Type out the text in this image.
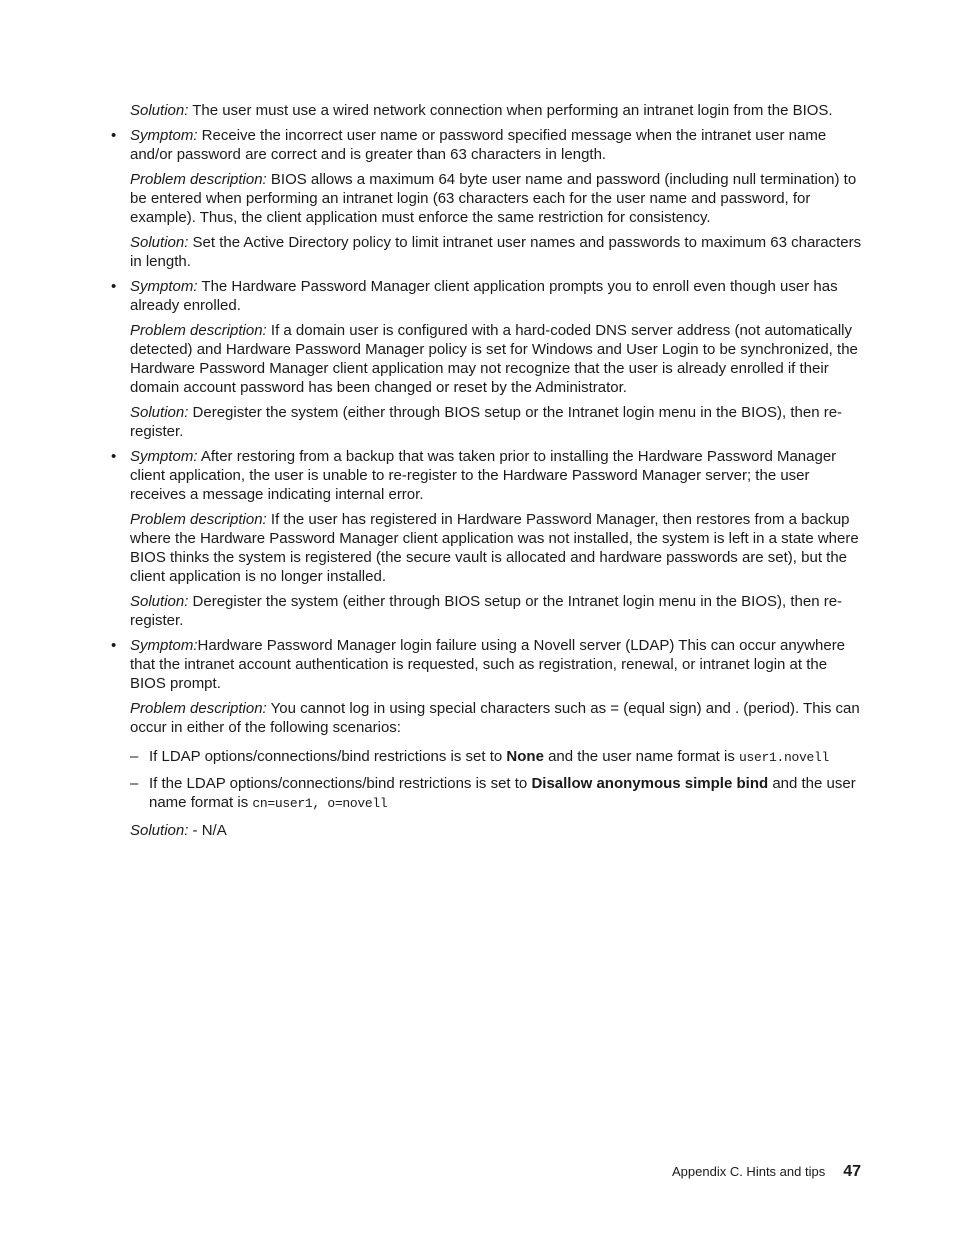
Solution: The user must use a wired network connection when performing an intranet login from the BIOS.

• Symptom: Receive the incorrect user name or password specified message when the intranet user name and/or password are correct and is greater than 63 characters in length.

Problem description: BIOS allows a maximum 64 byte user name and password (including null termination) to be entered when performing an intranet login (63 characters each for the user name and password, for example). Thus, the client application must enforce the same restriction for consistency.

Solution: Set the Active Directory policy to limit intranet user names and passwords to maximum 63 characters in length.

• Symptom: The Hardware Password Manager client application prompts you to enroll even though user has already enrolled.

Problem description: If a domain user is configured with a hard-coded DNS server address (not automatically detected) and Hardware Password Manager policy is set for Windows and User Login to be synchronized, the Hardware Password Manager client application may not recognize that the user is already enrolled if their domain account password has been changed or reset by the Administrator.

Solution: Deregister the system (either through BIOS setup or the Intranet login menu in the BIOS), then re-register.

• Symptom: After restoring from a backup that was taken prior to installing the Hardware Password Manager client application, the user is unable to re-register to the Hardware Password Manager server; the user receives a message indicating internal error.

Problem description: If the user has registered in Hardware Password Manager, then restores from a backup where the Hardware Password Manager client application was not installed, the system is left in a state where BIOS thinks the system is registered (the secure vault is allocated and hardware passwords are set), but the client application is no longer installed.

Solution: Deregister the system (either through BIOS setup or the Intranet login menu in the BIOS), then re-register.

• Symptom:Hardware Password Manager login failure using a Novell server (LDAP) This can occur anywhere that the intranet account authentication is requested, such as registration, renewal, or intranet login at the BIOS prompt.

Problem description: You cannot log in using special characters such as = (equal sign) and . (period). This can occur in either of the following scenarios:

– If LDAP options/connections/bind restrictions is set to None and the user name format is user1.novell
– If the LDAP options/connections/bind restrictions is set to Disallow anonymous simple bind and the user name format is cn=user1, o=novell

Solution: - N/A

Appendix C. Hints and tips 47
